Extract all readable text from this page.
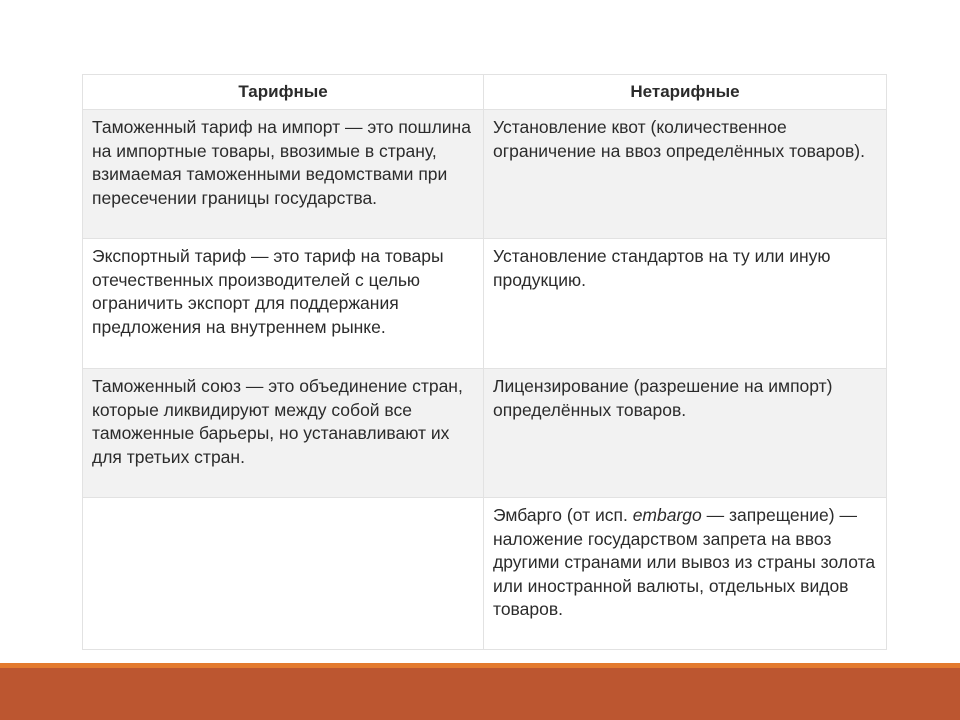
Тарифные	Нетарифные
Таможенный тариф на импорт — это пошлина на импортные товары, ввозимые в страну, взимаемая таможенными ведомствами при пересечении границы государства.	Установление квот (количественное ограничение на ввоз определённых товаров).
Экспортный тариф — это тариф на товары отечественных производителей с целью ограничить экспорт для поддержания предложения на внутреннем рынке.	Установление стандартов на ту или иную продукцию.
Таможенный союз — это объединение стран, которые ликвидируют между собой все таможенные барьеры, но устанавливают их для третьих стран.	Лицензирование (разрешение на импорт) определённых товаров.
	Эмбарго (от исп. embargo — запрещение) — наложение государством запрета на ввоз другими странами или вывоз из страны золота или иностранной валюты, отдельных видов товаров.
